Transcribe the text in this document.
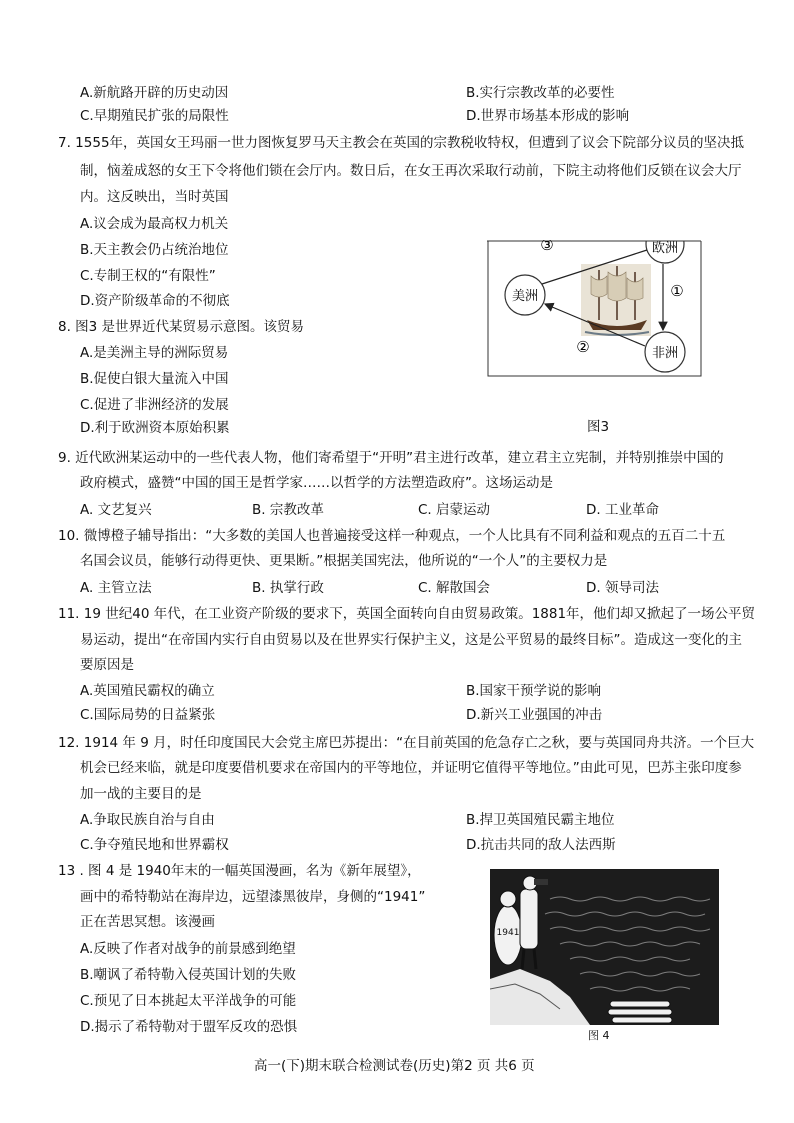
A.新航路开辟的历史动因	B.实行宗教改革的必要性
C.早期殖民扩张的局限性	D.世界市场基本形成的影响
7. 1555年，英国女王玛丽一世力图恢复罗马天主教会在英国的宗教税收特权，但遭到了议会下院部分议员的坚决抵
制，恼羞成怒的女王下令将他们锁在会厅内。数日后，在女王再次采取行动前，下院主动将他们反锁在议会大厅
内。这反映出，当时英国
A.议会成为最高权力机关
B.天主教会仍占统治地位
C.专制王权的“有限性”
D.资产阶级革命的不彻底
8. 图3 是世界近代某贸易示意图。该贸易
A.是美洲主导的洲际贸易
B.促使白银大量流入中国
C.促进了非洲经济的发展
D.利于欧洲资本原始积累
欧洲
美洲
非洲
①
②
③
图3
9. 近代欧洲某运动中的一些代表人物，他们寄希望于“开明”君主进行改革，建立君主立宪制，并特别推崇中国的
政府模式，盛赞“中国的国王是哲学家……以哲学的方法塑造政府”。这场运动是
A. 文艺复兴	B. 宗教改革	C. 启蒙运动	D. 工业革命
10. 微博橙子辅导指出：“大多数的美国人也普遍接受这样一种观点，一个人比具有不同利益和观点的五百二十五
名国会议员，能够行动得更快、更果断。”根据美国宪法，他所说的“一个人”的主要权力是
A. 主管立法	B. 执掌行政	C. 解散国会	D. 领导司法
11. 19 世纪40 年代，在工业资产阶级的要求下，英国全面转向自由贸易政策。1881年，他们却又掀起了一场公平贸
易运动，提出“在帝国内实行自由贸易以及在世界实行保护主义，这是公平贸易的最终目标”。造成这一变化的主
要原因是
A.英国殖民霸权的确立	B.国家干预学说的影响
C.国际局势的日益紧张	D.新兴工业强国的冲击
12. 1914 年 9 月，时任印度国民大会党主席巴苏提出：“在目前英国的危急存亡之秋，要与英国同舟共济。一个巨大
机会已经来临，就是印度要借机要求在帝国内的平等地位，并证明它值得平等地位。”由此可见，巴苏主张印度参
加一战的主要目的是
A.争取民族自治与自由	B.捍卫英国殖民霸主地位
C.争夺殖民地和世界霸权	D.抗击共同的敌人法西斯
13 . 图 4 是 1940年末的一幅英国漫画，名为《新年展望》，
画中的希特勒站在海岸边，远望漆黑彼岸，身侧的“1941”
正在苦思冥想。该漫画
A.反映了作者对战争的前景感到绝望
B.嘲讽了希特勒入侵英国计划的失败
C.预见了日本挑起太平洋战争的可能
D.揭示了希特勒对于盟军反攻的恐惧
1941
图 4
高一(下)期末联合检测试卷(历史)第2 页 共6 页
